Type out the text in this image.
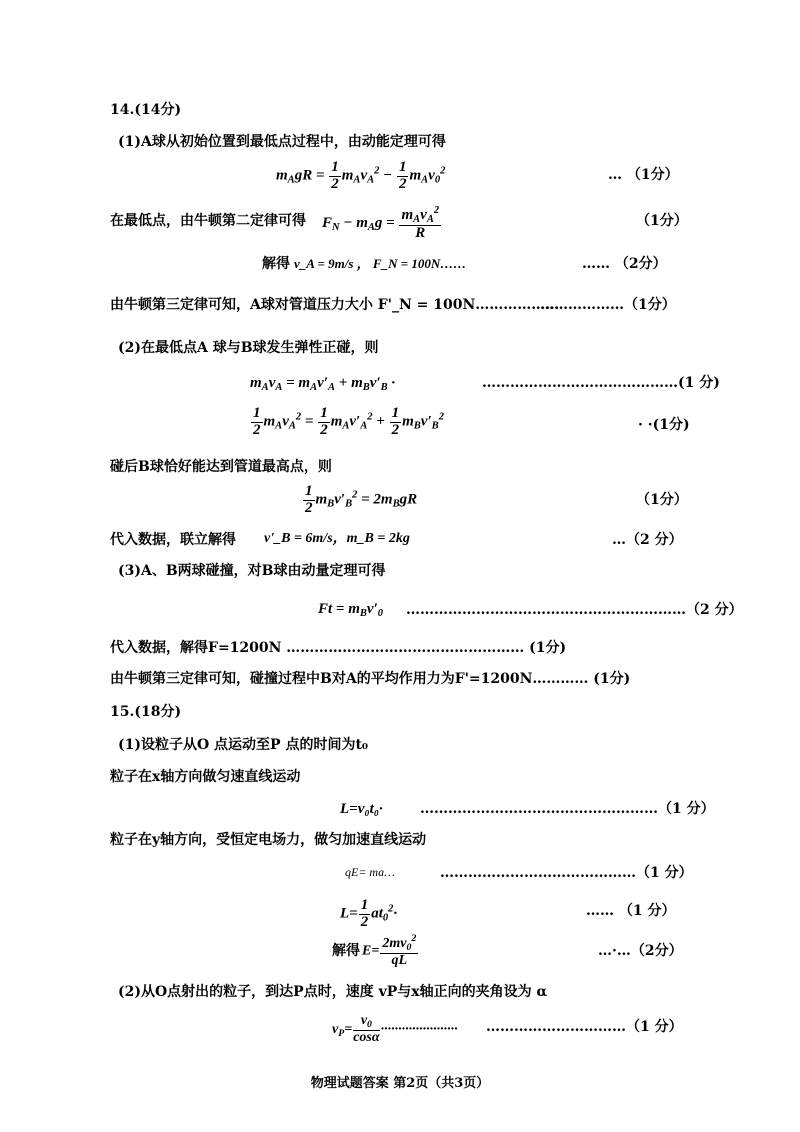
14.(14分)
(1)A球从初始位置到最低点过程中，由动能定理可得
$m_AgR = \frac{1}{2} m_Av_A^2 - \frac{1}{2} m_Av_0^2$	… （1分）
在最低点，由牛顿第二定律可得 $F_N - m_Ag = \frac{m_Av_A^2}{R}$	（1分）
解得 v_A = 9m/s ， F_N = 100N……	…… （2分）
由牛顿第三定律可知，A球对管道压力大小 F'_N = 100N………………
………………（1分）
(2)在最低点A 球与B球发生弹性正碰，则
$m_Av_A = m_Av'_A + m_Bv'_B$ ·	……………………………………(1 分)
$\frac{1}{2} m_Av_A^2 = \frac{1}{2} m_Av'_A^2 + \frac{1}{2} m_Bv'_B^2$	· ·(1分)
碰后B球恰好能达到管道最高点，则
$\frac{1}{2} m_Bv'_B^2 = 2m_BgR$	（1分）
代入数据，联立解得 v'_B = 6m/s，m_B = 2kg	…（2 分）
(3)A、B两球碰撞，对B球由动量定理可得
$Ft = m_Bv'_0$ ……………………………………………………（2 分）
代入数据，解得F=1200N …………………………………………… (1分)
由牛顿第三定律可知，碰撞过程中B对A的平均作用力为F'=1200N………… (1分)
15.(18分)
(1)设粒子从O 点运动至P 点的时间为t₀
粒子在x轴方向做匀速直线运动
L=v₀t₀·	……………………………………………（1 分）
粒子在y轴方向，受恒定电场力，做匀加速直线运动
qE= ma…	……………………………………（1 分）
$L= \frac{1}{2} at_0^2\cdot$	…… （1 分）
解得 $E= \frac{2mv_0^2}{qL}$	…·…（2分）
(2)从O点射出的粒子，到达P点时，速度 vP与x轴正向的夹角设为 α
$v_P= \frac{v_0}{\cos\alpha}$ ······················ …………………………（1 分）
物理试题答案 第2页（共3页）
